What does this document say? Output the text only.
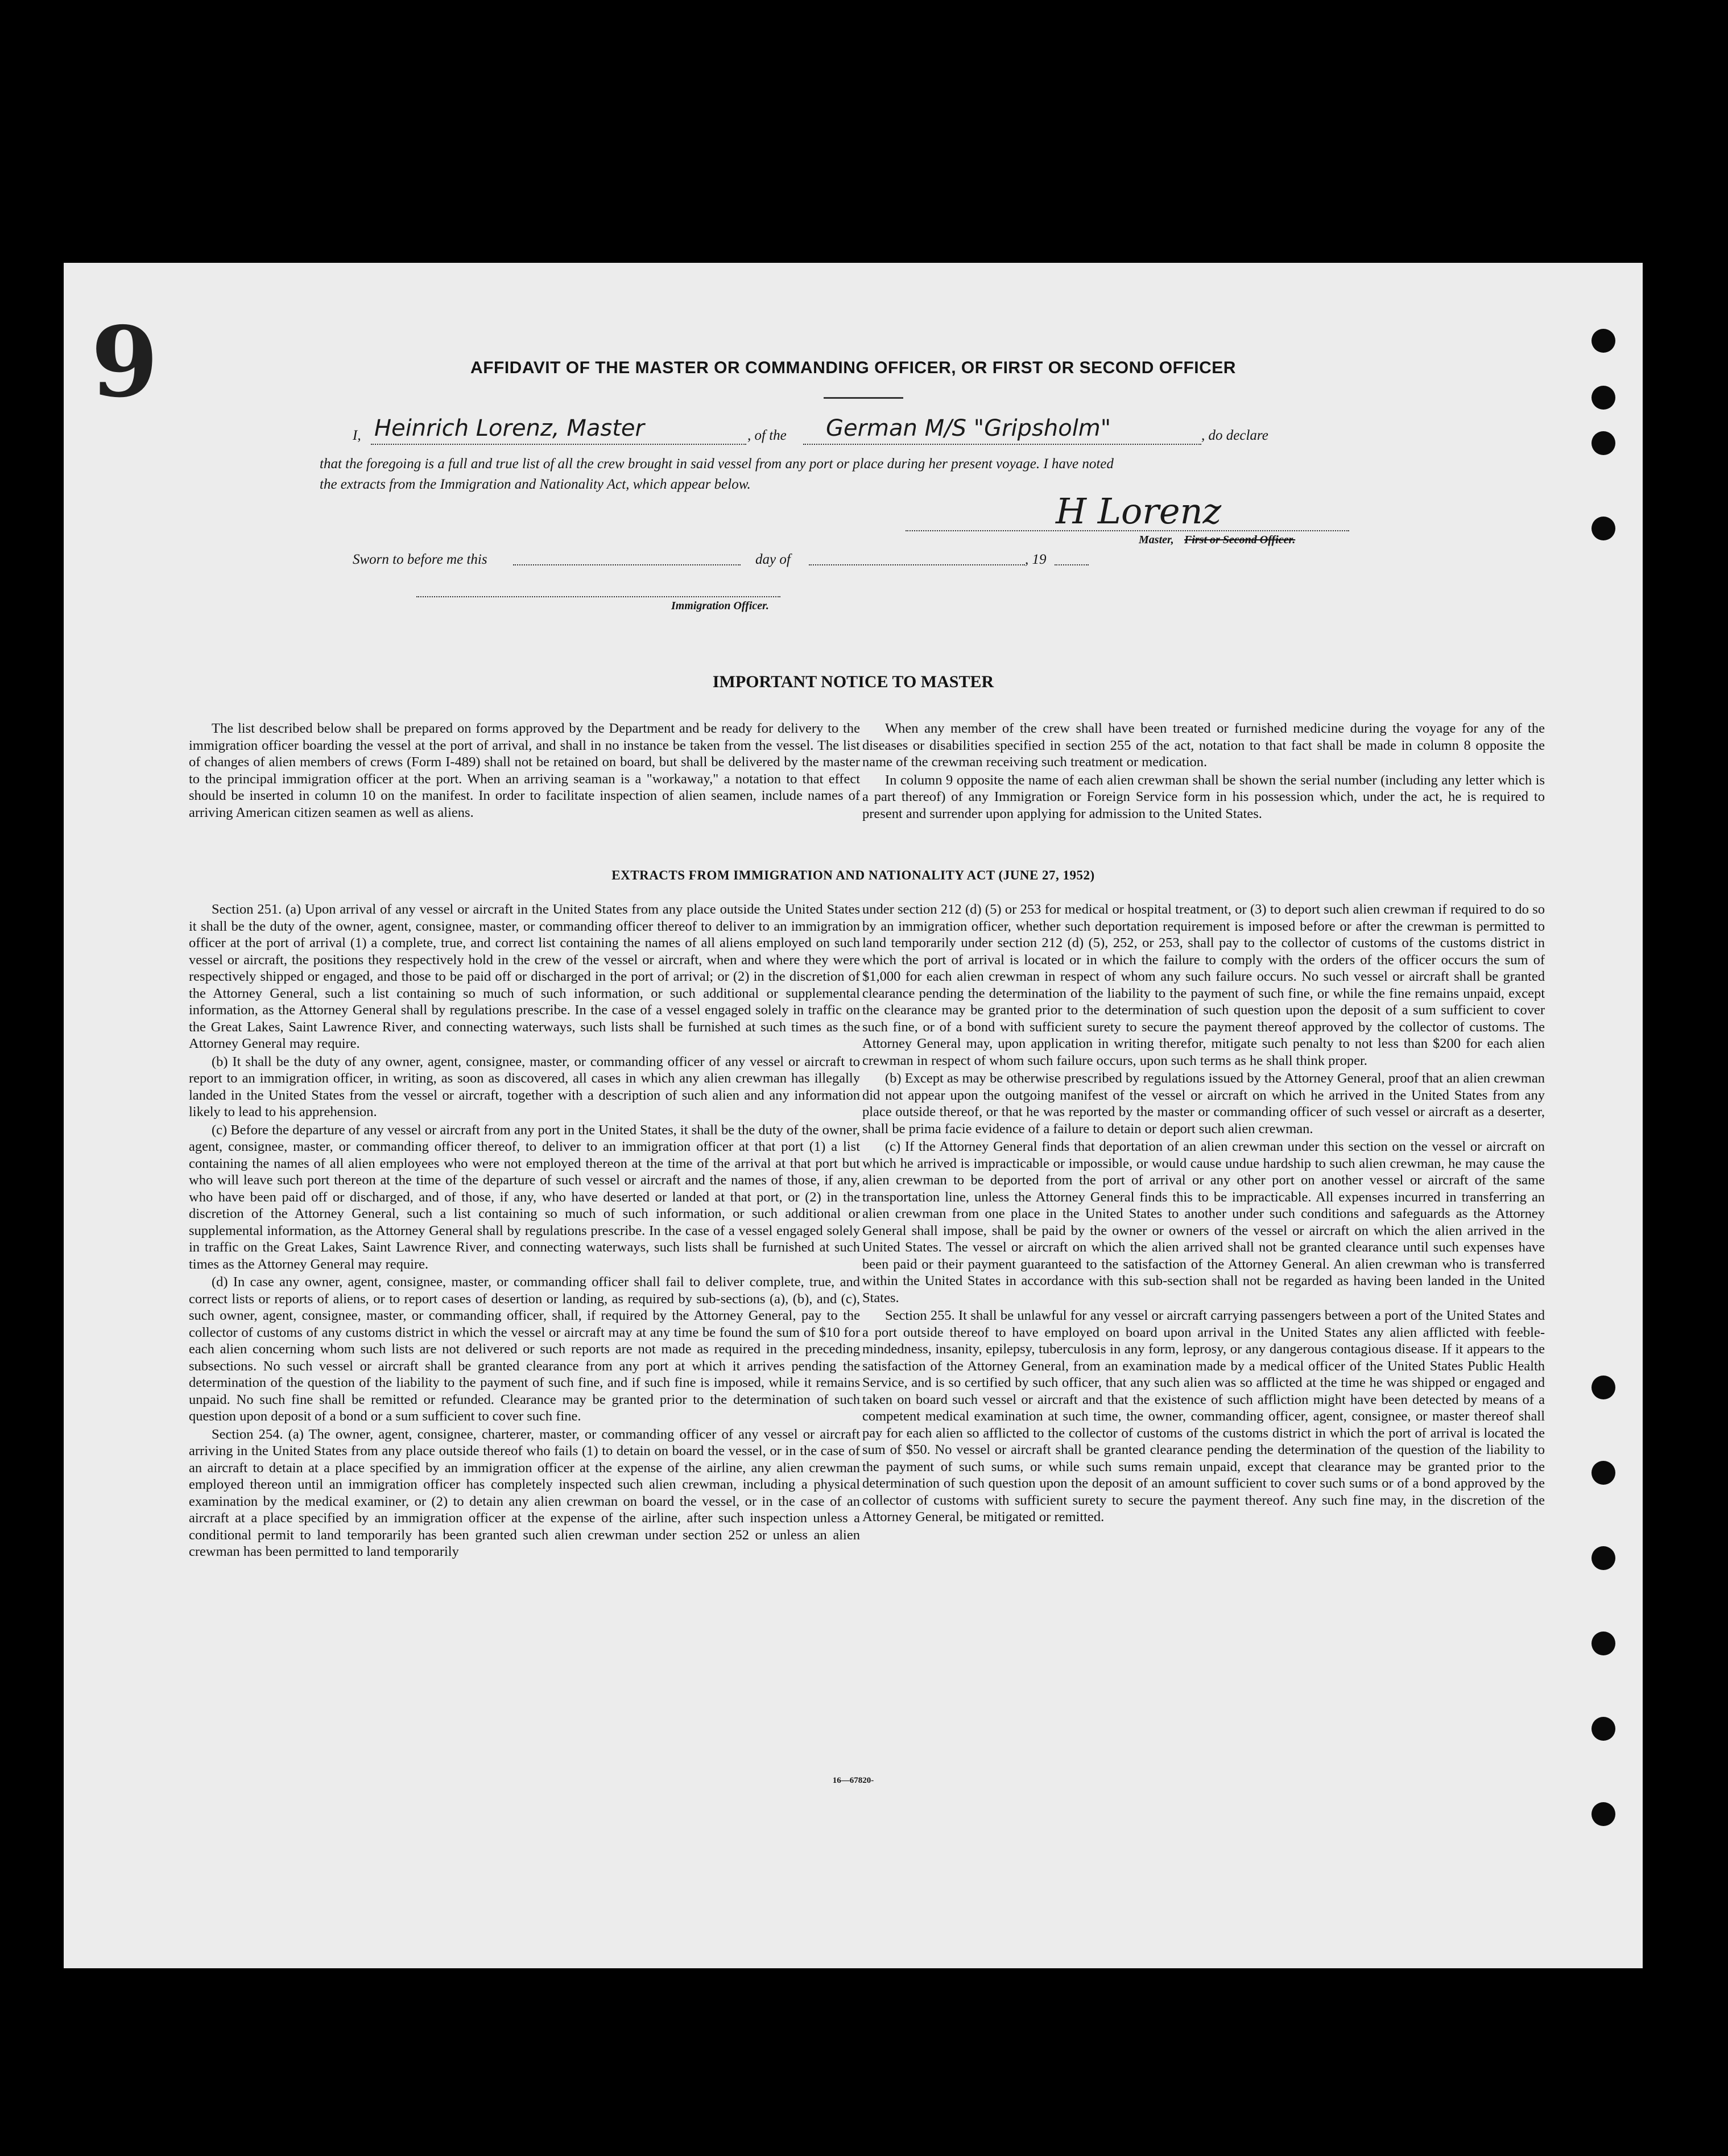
9	AFFIDAVIT OF THE MASTER OR COMMANDING OFFICER, OR FIRST OR SECOND OFFICER
I, Heinrich Lorenz, Master	, of the German M/S "Gripsholm"	, do declare
that the foregoing is a full and true list of all the crew brought in said vessel from any port or place during her present voyage. I have noted
the extracts from the Immigration and Nationality Act, which appear below.
H Lorenz
Master, First or Second Officer.
Sworn to before me this	day of	, 19
Immigration Officer.
IMPORTANT NOTICE TO MASTER

The list described below shall be prepared on forms approved by the Department and be ready for delivery to the immigration officer boarding the vessel at the port of arrival, and shall in no instance be taken from the vessel. The list of changes of alien members of crews (Form I-489) shall not be retained on board, but shall be delivered by the master to the principal immigration officer at the port. When an arriving seaman is a "workaway," a notation to that effect should be inserted in column 10 on the manifest. In order to facilitate inspection of alien seamen, include names of arriving American citizen seamen as well as aliens.

When any member of the crew shall have been treated or furnished medicine during the voyage for any of the diseases or disabilities specified in section 255 of the act, notation to that fact shall be made in column 8 opposite the name of the crewman receiving such treatment or medication.

In column 9 opposite the name of each alien crewman shall be shown the serial number (including any letter which is a part thereof) of any Immigration or Foreign Service form in his possession which, under the act, he is required to present and surrender upon applying for admission to the United States.

EXTRACTS FROM IMMIGRATION AND NATIONALITY ACT (JUNE 27, 1952)

Section 251. (a) Upon arrival of any vessel or aircraft in the United States from any place outside the United States it shall be the duty of the owner, agent, consignee, master, or commanding officer thereof to deliver to an immigration officer at the port of arrival (1) a complete, true, and correct list containing the names of all aliens employed on such vessel or aircraft, the positions they respectively hold in the crew of the vessel or aircraft, when and where they were respectively shipped or engaged, and those to be paid off or discharged in the port of arrival; or (2) in the discretion of the Attorney General, such a list containing so much of such information, or such additional or supplemental information, as the Attorney General shall by regulations prescribe. In the case of a vessel engaged solely in traffic on the Great Lakes, Saint Lawrence River, and connecting waterways, such lists shall be furnished at such times as the Attorney General may require.

(b) It shall be the duty of any owner, agent, consignee, master, or commanding officer of any vessel or aircraft to report to an immigration officer, in writing, as soon as discovered, all cases in which any alien crewman has illegally landed in the United States from the vessel or aircraft, together with a description of such alien and any information likely to lead to his apprehension.

(c) Before the departure of any vessel or aircraft from any port in the United States, it shall be the duty of the owner, agent, consignee, master, or commanding officer thereof, to deliver to an immigration officer at that port (1) a list containing the names of all alien employees who were not employed thereon at the time of the arrival at that port but who will leave such port thereon at the time of the departure of such vessel or aircraft and the names of those, if any, who have been paid off or discharged, and of those, if any, who have deserted or landed at that port, or (2) in the discretion of the Attorney General, such a list containing so much of such information, or such additional or supplemental information, as the Attorney General shall by regulations prescribe. In the case of a vessel engaged solely in traffic on the Great Lakes, Saint Lawrence River, and connecting waterways, such lists shall be furnished at such times as the Attorney General may require.

(d) In case any owner, agent, consignee, master, or commanding officer shall fail to deliver complete, true, and correct lists or reports of aliens, or to report cases of desertion or landing, as required by sub-sections (a), (b), and (c), such owner, agent, consignee, master, or commanding officer, shall, if required by the Attorney General, pay to the collector of customs of any customs district in which the vessel or aircraft may at any time be found the sum of $10 for each alien concerning whom such lists are not delivered or such reports are not made as required in the preceding subsections. No such vessel or aircraft shall be granted clearance from any port at which it arrives pending the determination of the question of the liability to the payment of such fine, and if such fine is imposed, while it remains unpaid. No such fine shall be remitted or refunded. Clearance may be granted prior to the determination of such question upon deposit of a bond or a sum sufficient to cover such fine.

Section 254. (a) The owner, agent, consignee, charterer, master, or commanding officer of any vessel or aircraft arriving in the United States from any place outside thereof who fails (1) to detain on board the vessel, or in the case of an aircraft to detain at a place specified by an immigration officer at the expense of the airline, any alien crewman employed thereon until an immigration officer has completely inspected such alien crewman, including a physical examination by the medical examiner, or (2) to detain any alien crewman on board the vessel, or in the case of an aircraft at a place specified by an immigration officer at the expense of the airline, after such inspection unless a conditional permit to land temporarily has been granted such alien crewman under section 252 or unless an alien crewman has been permitted to land temporarily

under section 212 (d) (5) or 253 for medical or hospital treatment, or (3) to deport such alien crewman if required to do so by an immigration officer, whether such deportation requirement is imposed before or after the crewman is permitted to land temporarily under section 212 (d) (5), 252, or 253, shall pay to the collector of customs of the customs district in which the port of arrival is located or in which the failure to comply with the orders of the officer occurs the sum of $1,000 for each alien crewman in respect of whom any such failure occurs. No such vessel or aircraft shall be granted clearance pending the determination of the liability to the payment of such fine, or while the fine remains unpaid, except the clearance may be granted prior to the determination of such question upon the deposit of a sum sufficient to cover such fine, or of a bond with sufficient surety to secure the payment thereof approved by the collector of customs. The Attorney General may, upon application in writing therefor, mitigate such penalty to not less than $200 for each alien crewman in respect of whom such failure occurs, upon such terms as he shall think proper.

(b) Except as may be otherwise prescribed by regulations issued by the Attorney General, proof that an alien crewman did not appear upon the outgoing manifest of the vessel or aircraft on which he arrived in the United States from any place outside thereof, or that he was reported by the master or commanding officer of such vessel or aircraft as a deserter, shall be prima facie evidence of a failure to detain or deport such alien crewman.

(c) If the Attorney General finds that deportation of an alien crewman under this section on the vessel or aircraft on which he arrived is impracticable or impossible, or would cause undue hardship to such alien crewman, he may cause the alien crewman to be deported from the port of arrival or any other port on another vessel or aircraft of the same transportation line, unless the Attorney General finds this to be impracticable. All expenses incurred in transferring an alien crewman from one place in the United States to another under such conditions and safeguards as the Attorney General shall impose, shall be paid by the owner or owners of the vessel or aircraft on which the alien arrived in the United States. The vessel or aircraft on which the alien arrived shall not be granted clearance until such expenses have been paid or their payment guaranteed to the satisfaction of the Attorney General. An alien crewman who is transferred within the United States in accordance with this sub-section shall not be regarded as having been landed in the United States.

Section 255. It shall be unlawful for any vessel or aircraft carrying passengers between a port of the United States and a port outside thereof to have employed on board upon arrival in the United States any alien afflicted with feeble-mindedness, insanity, epilepsy, tuberculosis in any form, leprosy, or any dangerous contagious disease. If it appears to the satisfaction of the Attorney General, from an examination made by a medical officer of the United States Public Health Service, and is so certified by such officer, that any such alien was so afflicted at the time he was shipped or engaged and taken on board such vessel or aircraft and that the existence of such affliction might have been detected by means of a competent medical examination at such time, the owner, commanding officer, agent, consignee, or master thereof shall pay for each alien so afflicted to the collector of customs of the customs district in which the port of arrival is located the sum of $50. No vessel or aircraft shall be granted clearance pending the determination of the question of the liability to the payment of such sums, or while such sums remain unpaid, except that clearance may be granted prior to the determination of such question upon the deposit of an amount sufficient to cover such sums or of a bond approved by the collector of customs with sufficient surety to secure the payment thereof. Any such fine may, in the discretion of the Attorney General, be mitigated or remitted.

16—67820-
